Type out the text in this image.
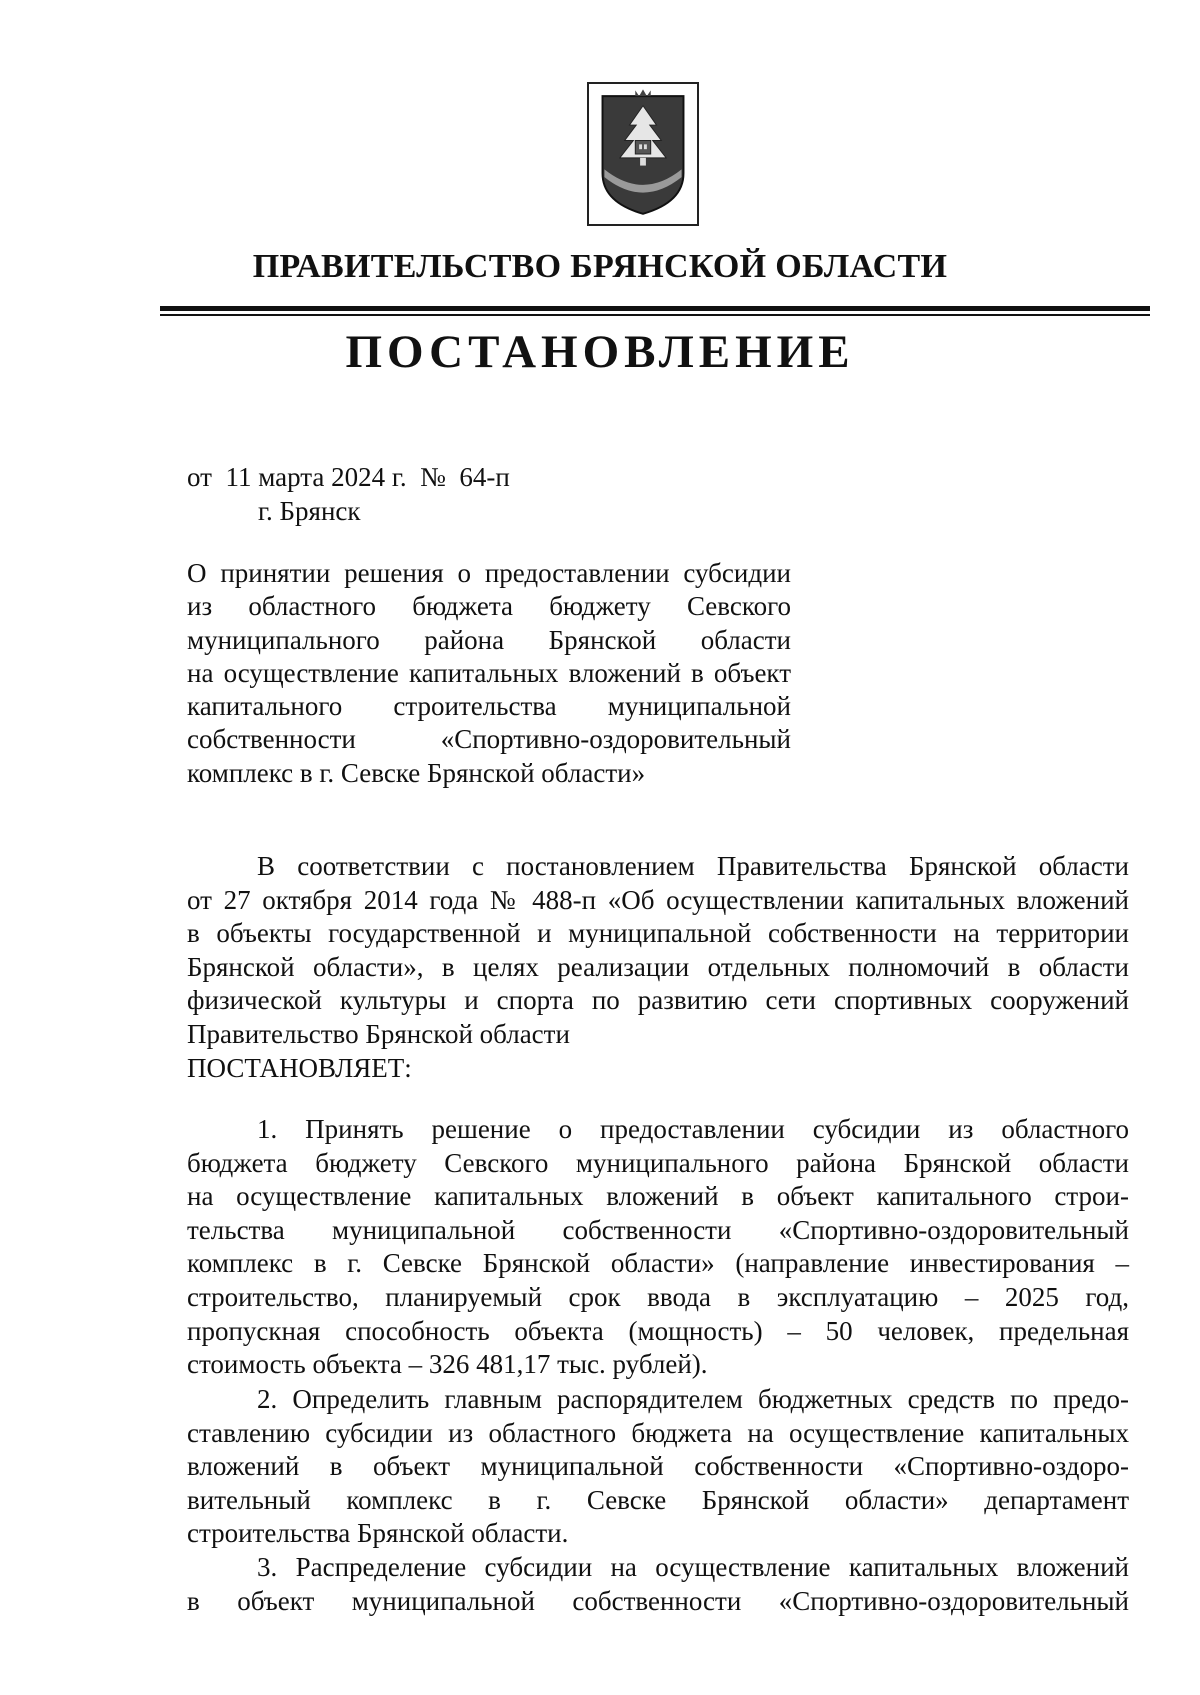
ПРАВИТЕЛЬСТВО БРЯНСКОЙ ОБЛАСТИ
ПОСТАНОВЛЕНИЕ
от 11 марта 2024 г. № 64-п
г. Брянск
О принятии решения о предоставлении субсидии
из областного бюджета бюджету Севского
муниципального района Брянской области
на осуществление капитальных вложений в объект
капитального строительства муниципальной
собственности «Спортивно-оздоровительный
комплекс в г. Севске Брянской области»
В соответствии с постановлением Правительства Брянской области
от 27 октября 2014 года № 488-п «Об осуществлении капитальных вложений
в объекты государственной и муниципальной собственности на территории
Брянской области», в целях реализации отдельных полномочий в области
физической культуры и спорта по развитию сети спортивных сооружений
Правительство Брянской области
ПОСТАНОВЛЯЕТ:
1. Принять решение о предоставлении субсидии из областного
бюджета бюджету Севского муниципального района Брянской области
на осуществление капитальных вложений в объект капитального строи-
тельства муниципальной собственности «Спортивно-оздоровительный
комплекс в г. Севске Брянской области» (направление инвестирования –
строительство, планируемый срок ввода в эксплуатацию – 2025 год,
пропускная способность объекта (мощность) – 50 человек, предельная
стоимость объекта – 326 481,17 тыс. рублей).
2. Определить главным распорядителем бюджетных средств по предо-
ставлению субсидии из областного бюджета на осуществление капитальных
вложений в объект муниципальной собственности «Спортивно-оздоро-
вительный комплекс в г. Севске Брянской области» департамент
строительства Брянской области.
3. Распределение субсидии на осуществление капитальных вложений
в объект муниципальной собственности «Спортивно-оздоровительный
